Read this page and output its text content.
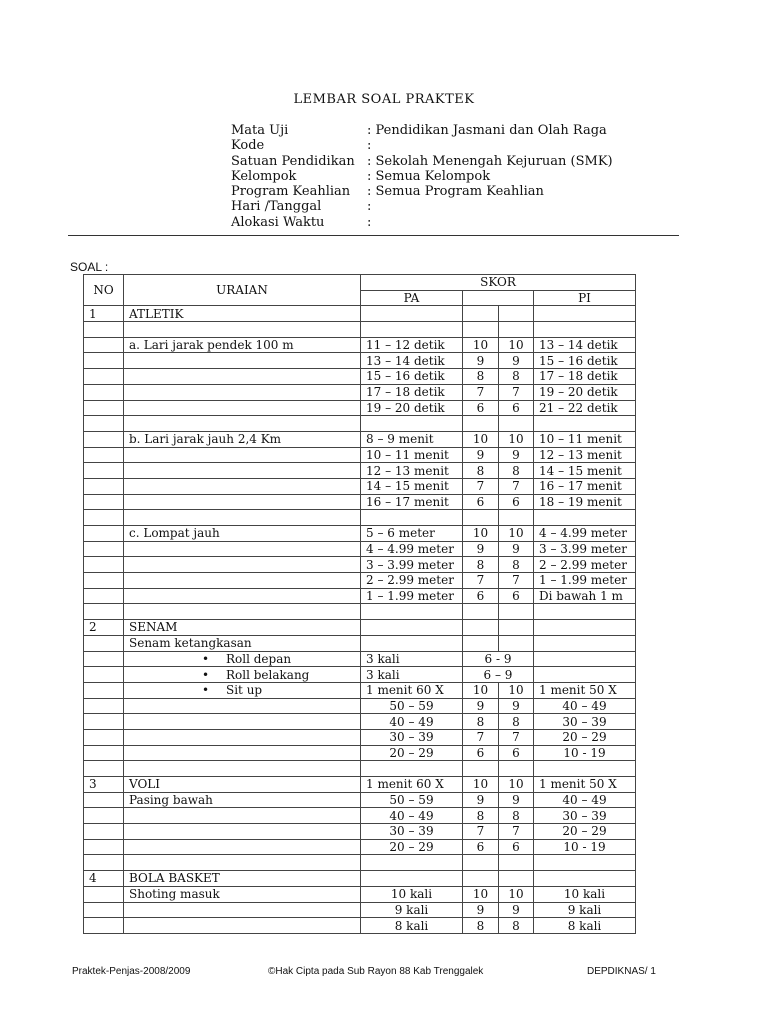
LEMBAR SOAL PRAKTEK
Mata Uji	: Pendidikan Jasmani dan Olah Raga
Kode	:
Satuan Pendidikan : Sekolah Menengah Kejuruan (SMK)
Kelompok	: Semua Kelompok
Program Keahlian	: Semua Program Keahlian
Hari /Tanggal	:
Alokasi Waktu	:
SOAL :
NO	URAIAN	SKOR			
		PA			PI
1	ATLETIK				

	a. Lari jarak pendek 100 m	11 – 12 detik	10	10	13 – 14 detik
		13 – 14 detik	9	9	15 – 16 detik
		15 – 16 detik	8	8	17 – 18 detik
		17 – 18 detik	7	7	19 – 20 detik
		19 – 20 detik	6	6	21 – 22 detik

	b. Lari jarak jauh 2,4 Km	8 – 9 menit	10	10	10 – 11 menit
		10 – 11 menit	9	9	12 – 13 menit
		12 – 13 menit	8	8	14 – 15 menit
		14 – 15 menit	7	7	16 – 17 menit
		16 – 17 menit	6	6	18 – 19 menit

	c. Lompat jauh	5 – 6 meter	10	10	4 – 4.99 meter
		4 – 4.99 meter	9	9	3 – 3.99 meter
		3 – 3.99 meter	8	8	2 – 2.99 meter
		2 – 2.99 meter	7	7	1 – 1.99 meter
		1 – 1.99 meter	6	6	Di bawah 1 m

2	SENAM				
	Senam ketangkasan				
	• Roll depan	3 kali	6 - 9		
	• Roll belakang	3 kali	6 – 9		
	• Sit up	1 menit 60 X	10	10	1 menit 50 X
		50 – 59	9	9	40 – 49
		40 – 49	8	8	30 – 39
		30 – 39	7	7	20 – 29
		20 – 29	6	6	10 - 19

3	VOLI	1 menit 60 X	10	10	1 menit 50 X
	Pasing bawah	50 – 59	9	9	40 – 49
		40 – 49	8	8	30 – 39
		30 – 39	7	7	20 – 29
		20 – 29	6	6	10 - 19

4	BOLA BASKET				
	Shoting masuk	10 kali	10	10	10 kali
		9 kali	9	9	9 kali
		8 kali	8	8	8 kali
Praktek-Penjas-2008/2009	©Hak Cipta pada Sub Rayon 88 Kab Trenggalek	DEPDIKNAS/ 1
